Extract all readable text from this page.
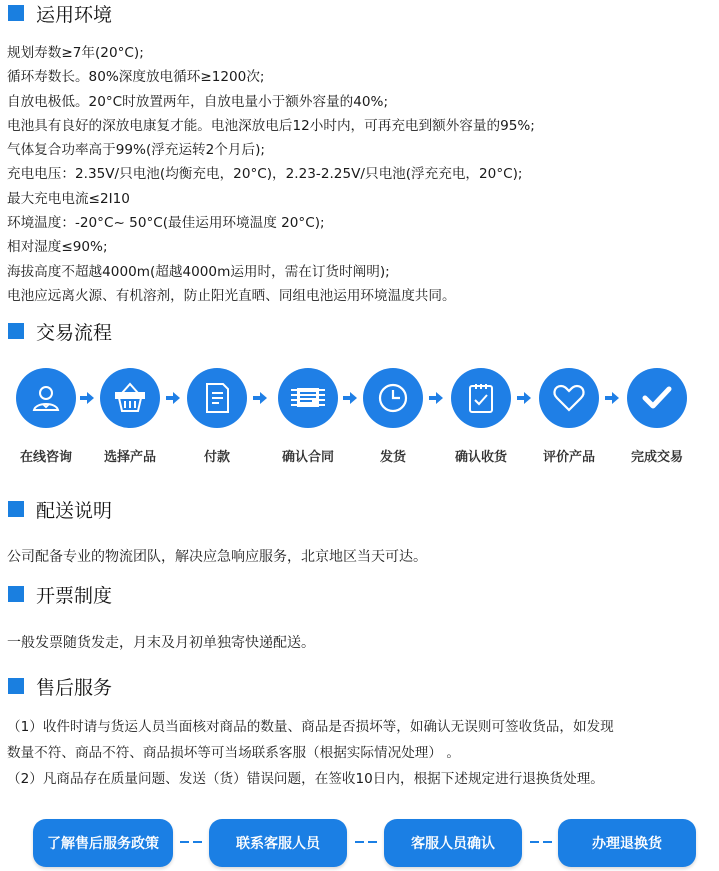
运用环境
规划寿数≥7年(20°C);
循环寿数长。80%深度放电循环≥1200次;
自放电极低。20°C时放置两年，自放电量小于额外容量的40%;
电池具有良好的深放电康复才能。电池深放电后12小时内，可再充电到额外容量的95%;
气体复合功率高于99%(浮充运转2个月后);
充电电压：2.35V/只电池(均衡充电，20°C)，2.23-2.25V/只电池(浮充充电，20°C);
最大充电电流≤2I10
环境温度：-20°C~ 50°C(最佳运用环境温度 20°C);
相对湿度≤90%;
海拔高度不超越4000m(超越4000m运用时，需在订货时阐明);
电池应远离火源、有机溶剂，防止阳光直晒、同组电池运用环境温度共同。
交易流程
在线咨询	选择产品	付款	确认合同	发货	确认收货	评价产品	完成交易
配送说明
公司配备专业的物流团队，解决应急响应服务，北京地区当天可达。
开票制度
一般发票随货发走，月末及月初单独寄快递配送。
售后服务
（1）收件时请与货运人员当面核对商品的数量、商品是否损坏等，如确认无误则可签收货品，如发现
数量不符、商品不符、商品损坏等可当场联系客服（根据实际情况处理） 。
（2）凡商品存在质量问题、发送（货）错误问题，在签收10日内，根据下述规定进行退换货处理。
了解售后服务政策	联系客服人员	客服人员确认	办理退换货
